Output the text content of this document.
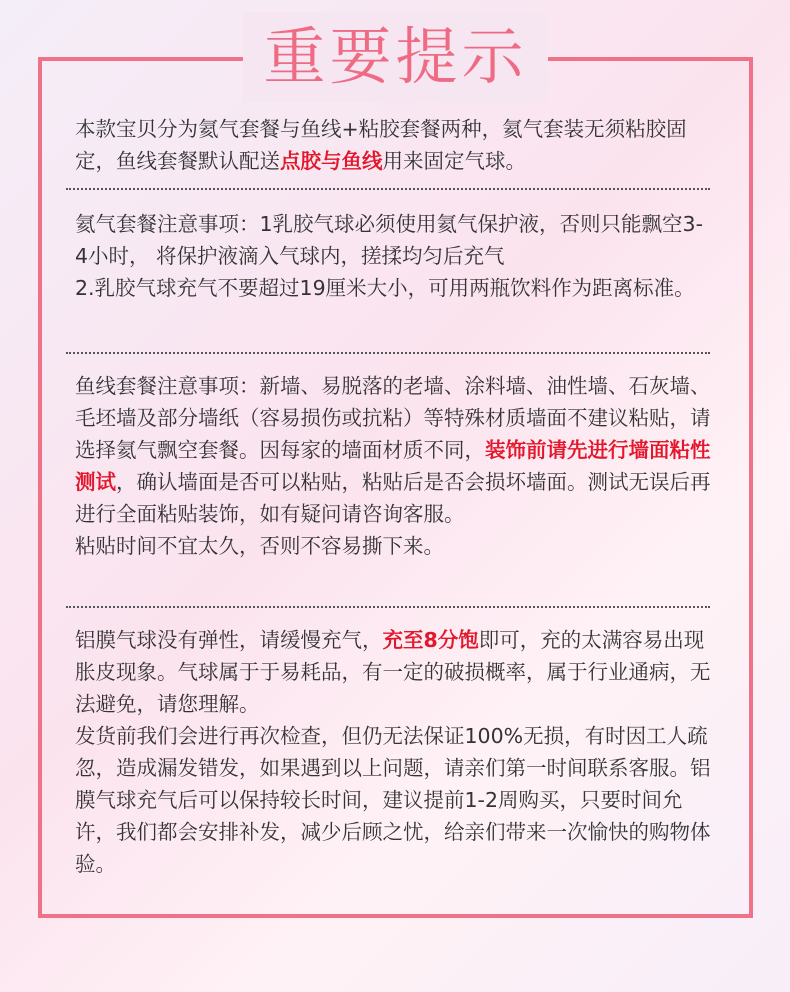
重要提示

本款宝贝分为氦气套餐与鱼线+粘胶套餐两种，氦气套装无须粘胶固定，鱼线套餐默认配送点胶与鱼线用来固定气球。

氦气套餐注意事项：1乳胶气球必须使用氦气保护液，否则只能飘空3-4小时， 将保护液滴入气球内，搓揉均匀后充气

2.乳胶气球充气不要超过19厘米大小，可用两瓶饮料作为距离标准。

鱼线套餐注意事项：新墙、易脱落的老墙、涂料墙、油性墙、石灰墙、毛坯墙及部分墙纸（容易损伤或抗粘）等特殊材质墙面不建议粘贴，请选择氦气飘空套餐。因每家的墙面材质不同，装饰前请先进行墙面粘性测试，确认墙面是否可以粘贴，粘贴后是否会损坏墙面。测试无误后再进行全面粘贴装饰，如有疑问请咨询客服。

粘贴时间不宜太久，否则不容易撕下来。

铝膜气球没有弹性，请缓慢充气，充至8分饱即可，充的太满容易出现胀皮现象。气球属于于易耗品，有一定的破损概率，属于行业通病，无法避免，请您理解。

发货前我们会进行再次检查，但仍无法保证100%无损，有时因工人疏忽，造成漏发错发，如果遇到以上问题，请亲们第一时间联系客服。铝膜气球充气后可以保持较长时间，建议提前1-2周购买，只要时间允许，我们都会安排补发，减少后顾之忧，给亲们带来一次愉快的购物体验。
